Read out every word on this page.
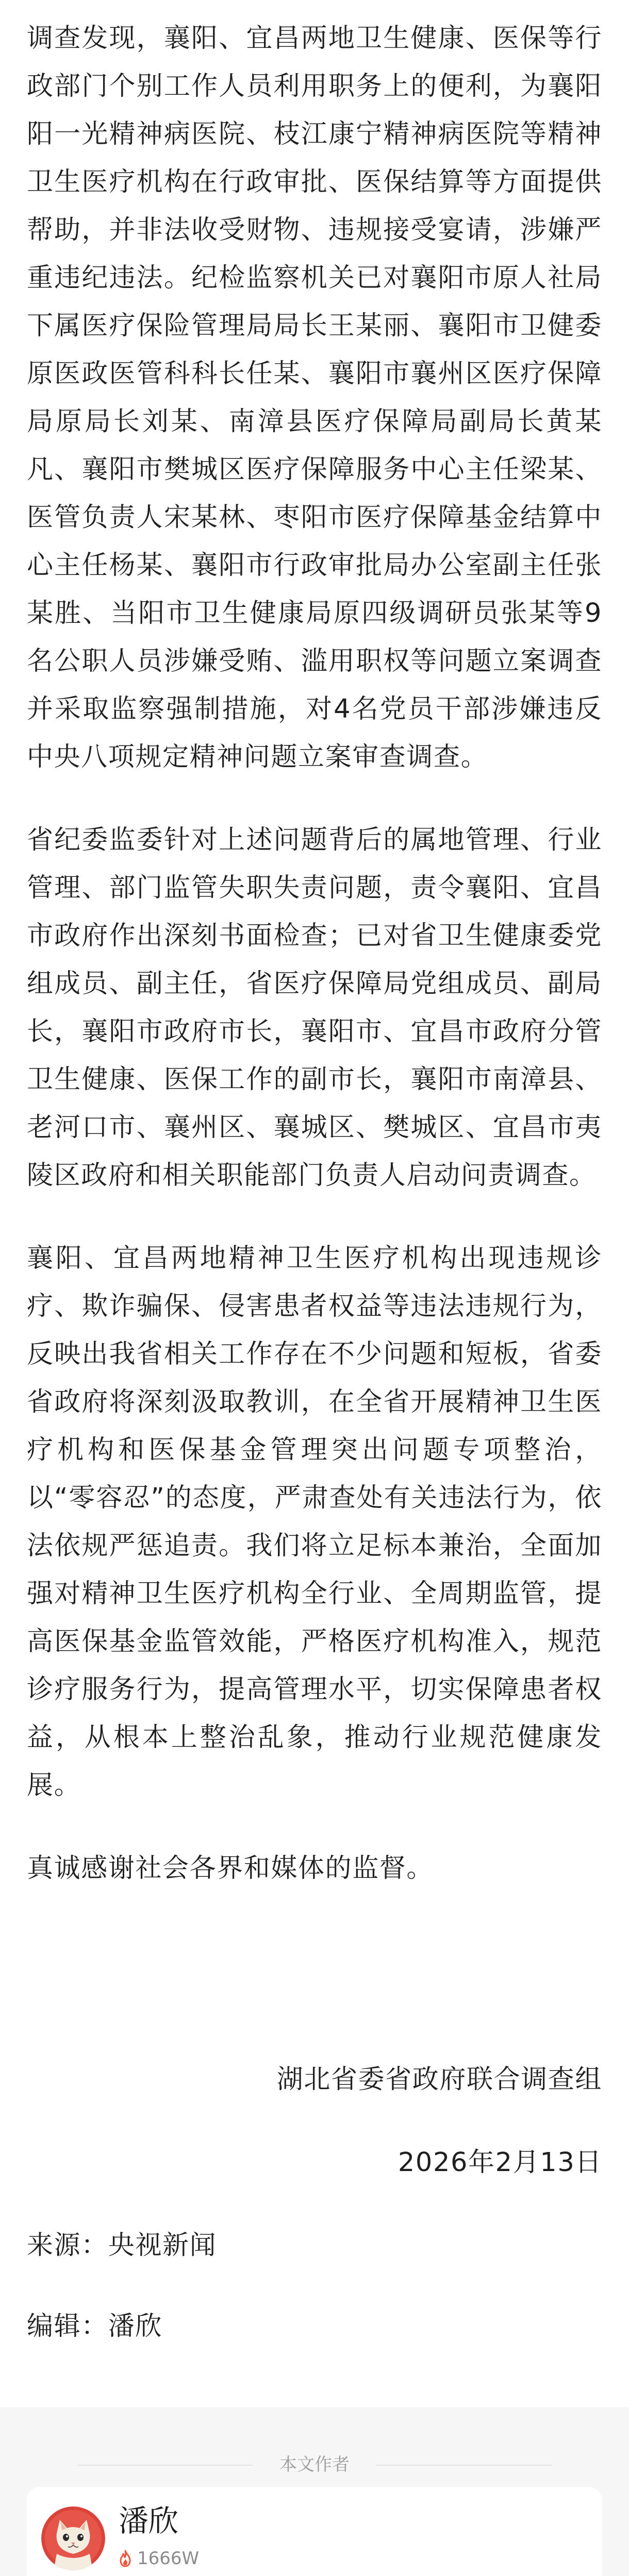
调查发现，襄阳、宜昌两地卫生健康、医保等行政部门个别工作人员利用职务上的便利，为襄阳阳一光精神病医院、枝江康宁精神病医院等精神卫生医疗机构在行政审批、医保结算等方面提供帮助，并非法收受财物、违规接受宴请，涉嫌严重违纪违法。纪检监察机关已对襄阳市原人社局下属医疗保险管理局局长王某丽、襄阳市卫健委原医政医管科科长任某、襄阳市襄州区医疗保障局原局长刘某、南漳县医疗保障局副局长黄某凡、襄阳市樊城区医疗保障服务中心主任梁某、医管负责人宋某林、枣阳市医疗保障基金结算中心主任杨某、襄阳市行政审批局办公室副主任张某胜、当阳市卫生健康局原四级调研员张某等9名公职人员涉嫌受贿、滥用职权等问题立案调查并采取监察强制措施，对4名党员干部涉嫌违反中央八项规定精神问题立案审查调查。

省纪委监委针对上述问题背后的属地管理、行业管理、部门监管失职失责问题，责令襄阳、宜昌市政府作出深刻书面检查；已对省卫生健康委党组成员、副主任，省医疗保障局党组成员、副局长，襄阳市政府市长，襄阳市、宜昌市政府分管卫生健康、医保工作的副市长，襄阳市南漳县、老河口市、襄州区、襄城区、樊城区、宜昌市夷陵区政府和相关职能部门负责人启动问责调查。

襄阳、宜昌两地精神卫生医疗机构出现违规诊疗、欺诈骗保、侵害患者权益等违法违规行为，反映出我省相关工作存在不少问题和短板，省委省政府将深刻汲取教训，在全省开展精神卫生医疗机构和医保基金管理突出问题专项整治，以“零容忍”的态度，严肃查处有关违法行为，依法依规严惩追责。我们将立足标本兼治，全面加强对精神卫生医疗机构全行业、全周期监管，提高医保基金监管效能，严格医疗机构准入，规范诊疗服务行为，提高管理水平，切实保障患者权益，从根本上整治乱象，推动行业规范健康发展。

真诚感谢社会各界和媒体的监督。

湖北省委省政府联合调查组

2026年2月13日

来源：央视新闻

编辑：潘欣

本文作者

潘欣

1666W
